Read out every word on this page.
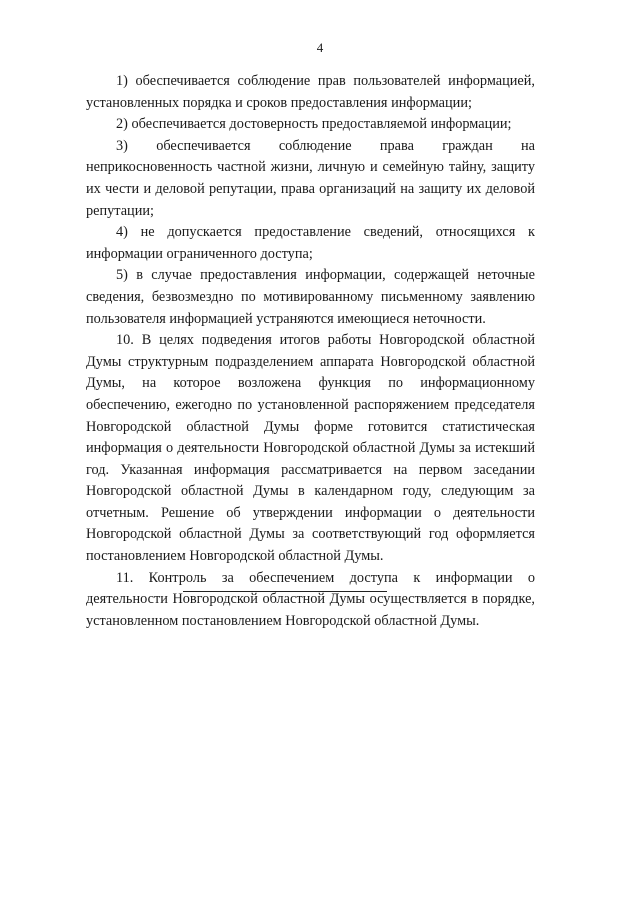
4

1) обеспечивается соблюдение прав пользователей информацией, установленных порядка и сроков предоставления информации;

2) обеспечивается достоверность предоставляемой информации;

3) обеспечивается соблюдение права граждан на неприкосновенность частной жизни, личную и семейную тайну, защиту их чести и деловой репутации, права организаций на защиту их деловой репутации;

4) не допускается предоставление сведений, относящихся к информации ограниченного доступа;

5) в случае предоставления информации, содержащей неточные сведения, безвозмездно по мотивированному письменному заявлению пользователя информацией устраняются имеющиеся неточности.

10. В целях подведения итогов работы Новгородской областной Думы структурным подразделением аппарата Новгородской областной Думы, на которое возложена функция по информационному обеспечению, ежегодно по установленной распоряжением председателя Новгородской областной Думы форме готовится статистическая информация о деятельности Новгородской областной Думы за истекший год. Указанная информация рассматривается на первом заседании Новгородской областной Думы в календарном году, следующим за отчетным. Решение об утверждении информации о деятельности Новгородской областной Думы за соответствующий год оформляется постановлением Новгородской областной Думы.

11. Контроль за обеспечением доступа к информации о деятельности Новгородской областной Думы осуществляется в порядке, установленном постановлением Новгородской областной Думы.
